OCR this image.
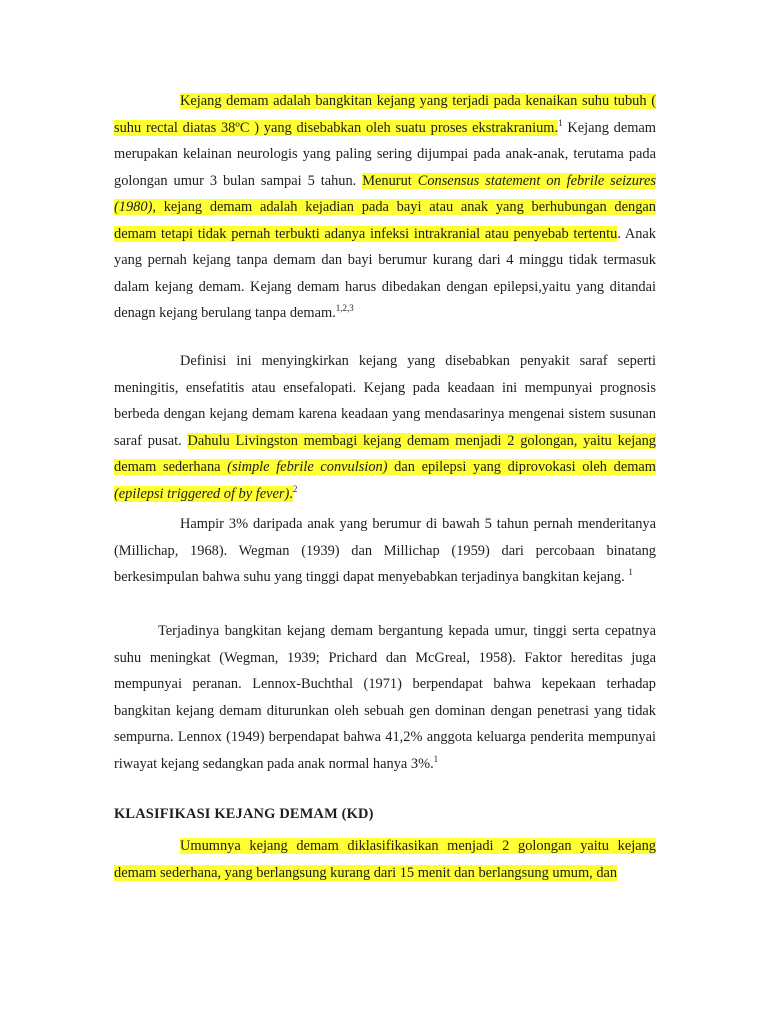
Kejang demam adalah bangkitan kejang yang terjadi pada kenaikan suhu tubuh ( suhu rectal diatas 38ºC ) yang disebabkan oleh suatu proses ekstrakranium.$^1$ Kejang demam merupakan kelainan neurologis yang paling sering dijumpai pada anak-anak, terutama pada golongan umur 3 bulan sampai 5 tahun. Menurut Consensus statement on febrile seizures (1980), kejang demam adalah kejadian pada bayi atau anak yang berhubungan dengan demam tetapi tidak pernah terbukti adanya infeksi intrakranial atau penyebab tertentu. Anak yang pernah kejang tanpa demam dan bayi berumur kurang dari 4 minggu tidak termasuk dalam kejang demam. Kejang demam harus dibedakan dengan epilepsi,yaitu yang ditandai denagn kejang berulang tanpa demam.$^{1,2,3}$

Definisi ini menyingkirkan kejang yang disebabkan penyakit saraf seperti meningitis, ensefatitis atau ensefalopati. Kejang pada keadaan ini mempunyai prognosis berbeda dengan kejang demam karena keadaan yang mendasarinya mengenai sistem susunan saraf pusat. Dahulu Livingston membagi kejang demam menjadi 2 golongan, yaitu kejang demam sederhana (simple febrile convulsion) dan epilepsi yang diprovokasi oleh demam (epilepsi triggered of by fever).$^2$

Hampir 3% daripada anak yang berumur di bawah 5 tahun pernah menderitanya (Millichap, 1968). Wegman (1939) dan Millichap (1959) dari percobaan binatang berkesimpulan bahwa suhu yang tinggi dapat menyebabkan terjadinya bangkitan kejang. $^1$

Terjadinya bangkitan kejang demam bergantung kepada umur, tinggi serta cepatnya suhu meningkat (Wegman, 1939; Prichard dan McGreal, 1958). Faktor hereditas juga mempunyai peranan. Lennox-Buchthal (1971) berpendapat bahwa kepekaan terhadap bangkitan kejang demam diturunkan oleh sebuah gen dominan dengan penetrasi yang tidak sempurna. Lennox (1949) berpendapat bahwa 41,2% anggota keluarga penderita mempunyai riwayat kejang sedangkan pada anak normal hanya 3%.$^1$

KLASIFIKASI KEJANG DEMAM (KD)

Umumnya kejang demam diklasifikasikan menjadi 2 golongan yaitu kejang demam sederhana, yang berlangsung kurang dari 15 menit dan berlangsung umum, dan
